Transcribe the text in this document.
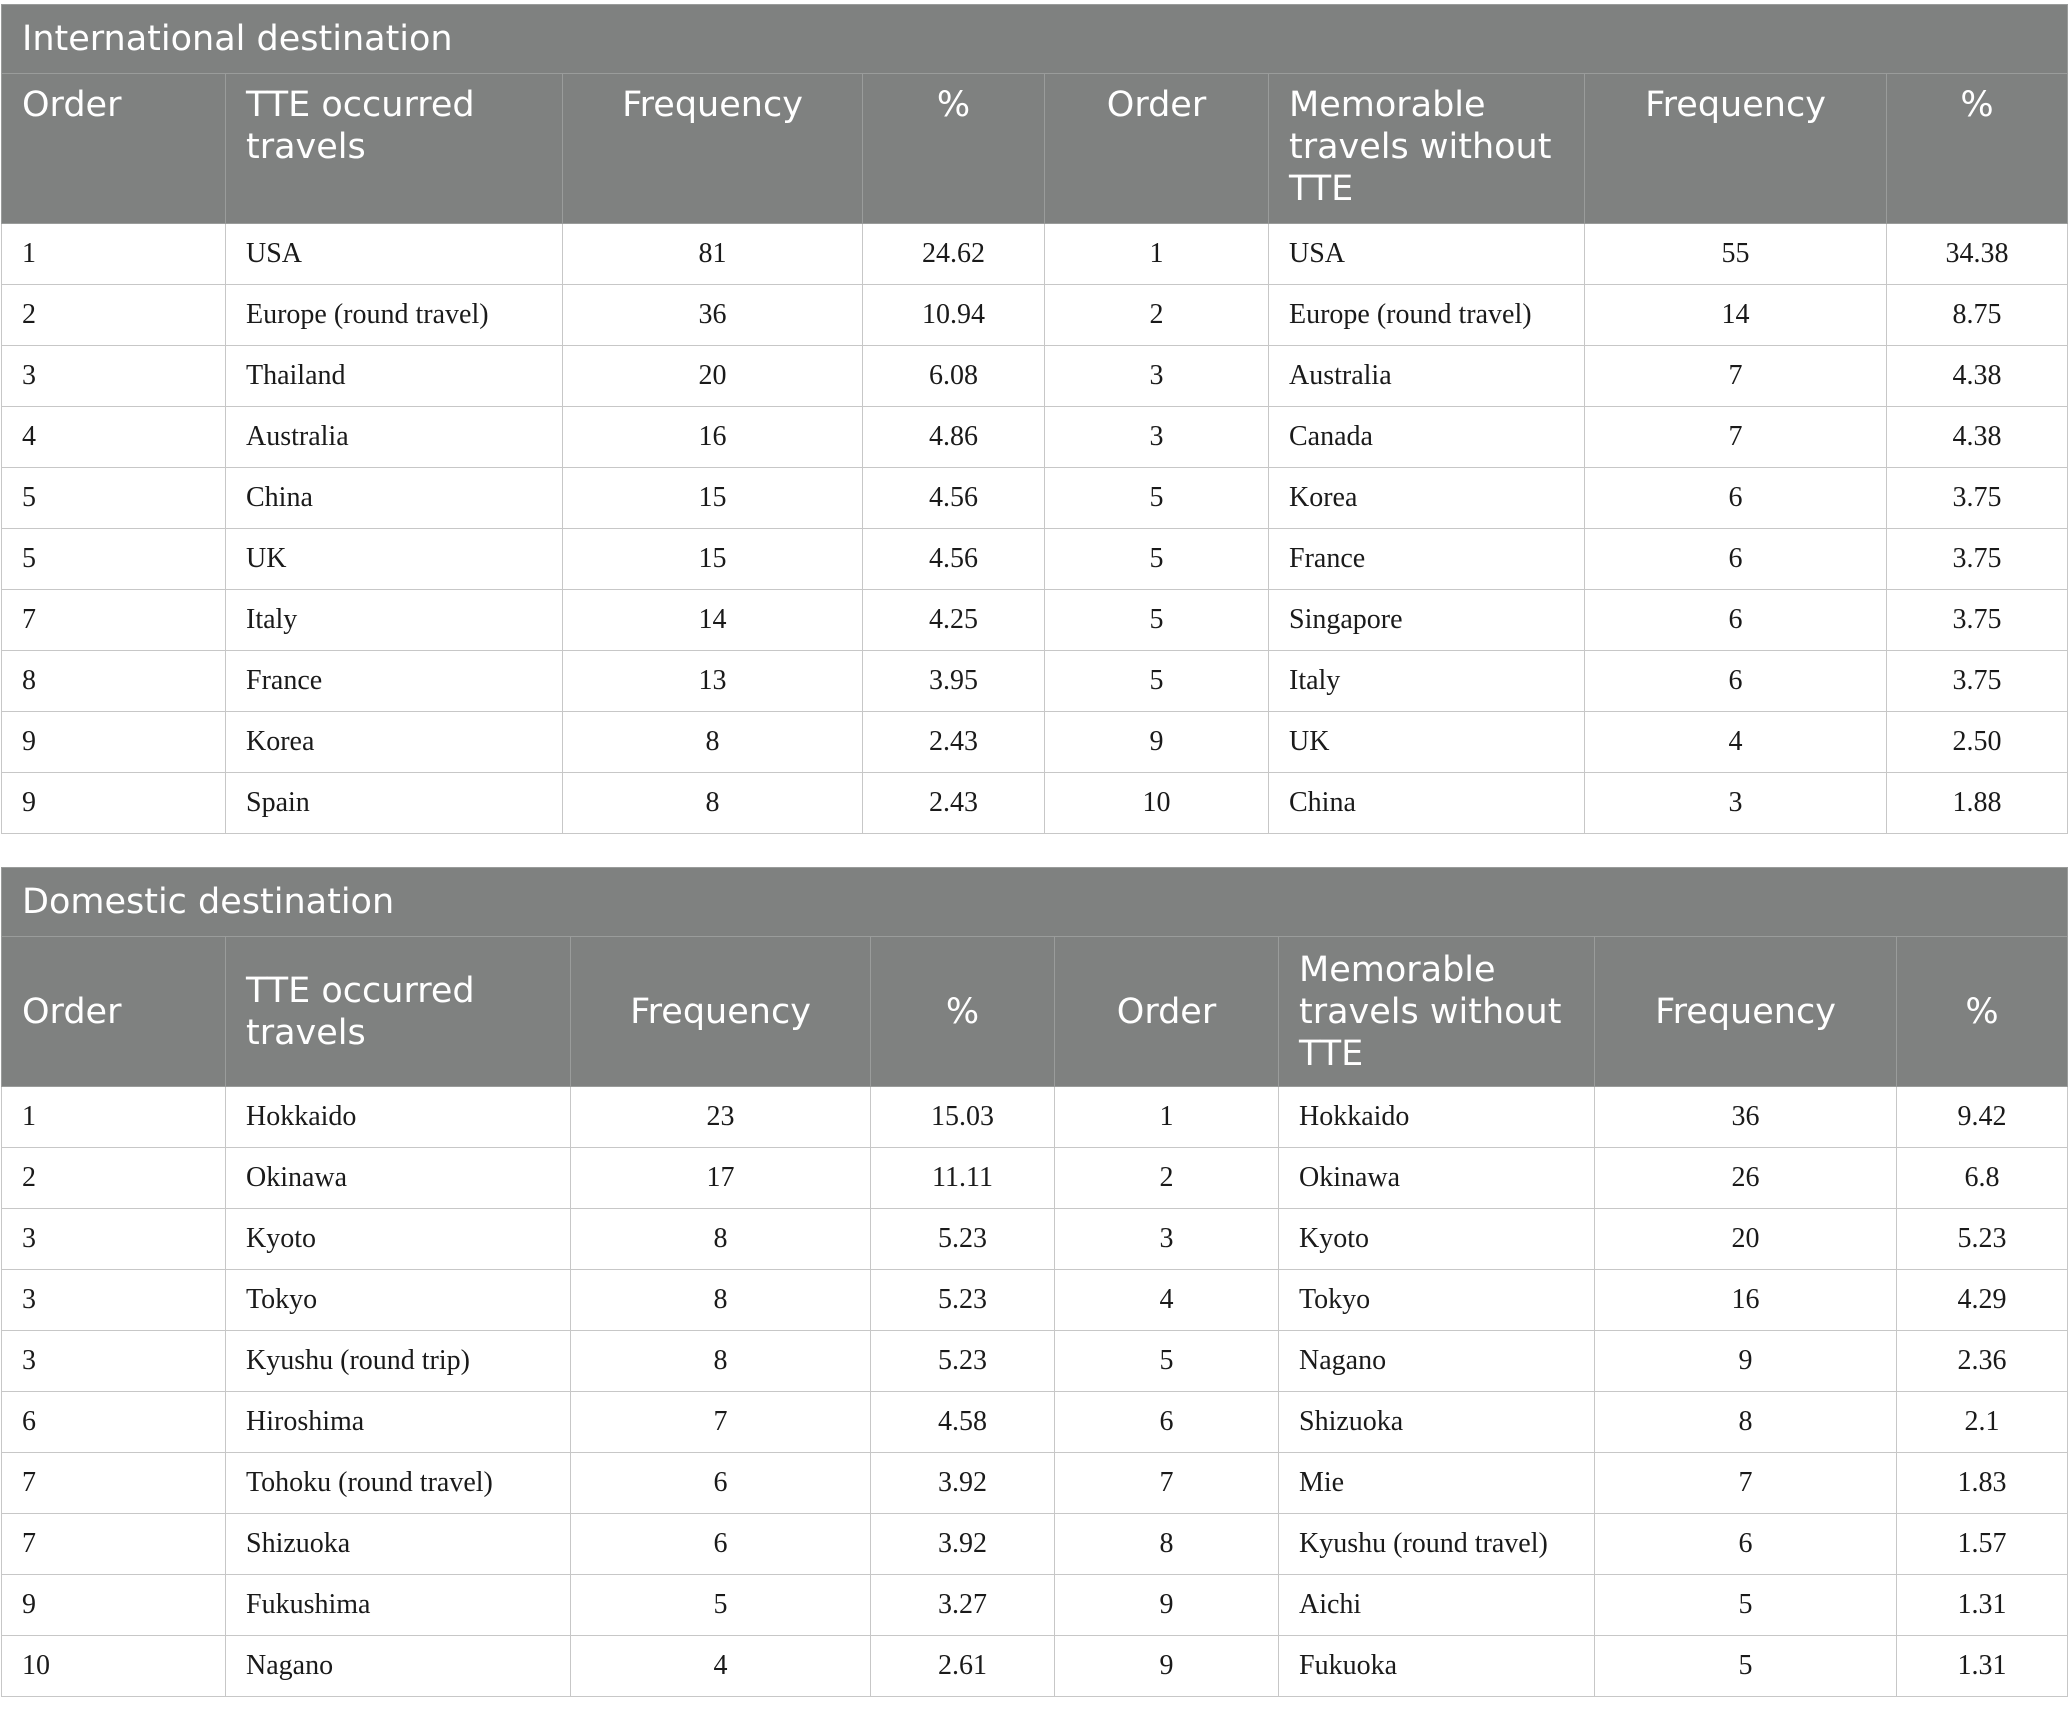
International destination							
Order	TTE occurred travels	Frequency	%	Order	Memorable travels without TTE	Frequency	%
1	USA	81	24.62	1	USA	55	34.38
2	Europe (round travel)	36	10.94	2	Europe (round travel)	14	8.75
3	Thailand	20	6.08	3	Australia	7	4.38
4	Australia	16	4.86	3	Canada	7	4.38
5	China	15	4.56	5	Korea	6	3.75
5	UK	15	4.56	5	France	6	3.75
7	Italy	14	4.25	5	Singapore	6	3.75
8	France	13	3.95	5	Italy	6	3.75
9	Korea	8	2.43	9	UK	4	2.50
9	Spain	8	2.43	10	China	3	1.88
Domestic destination							
Order	TTE occurred travels	Frequency	%	Order	Memorable travels without TTE	Frequency	%
1	Hokkaido	23	15.03	1	Hokkaido	36	9.42
2	Okinawa	17	11.11	2	Okinawa	26	6.8
3	Kyoto	8	5.23	3	Kyoto	20	5.23
3	Tokyo	8	5.23	4	Tokyo	16	4.29
3	Kyushu (round trip)	8	5.23	5	Nagano	9	2.36
6	Hiroshima	7	4.58	6	Shizuoka	8	2.1
7	Tohoku (round travel)	6	3.92	7	Mie	7	1.83
7	Shizuoka	6	3.92	8	Kyushu (round travel)	6	1.57
9	Fukushima	5	3.27	9	Aichi	5	1.31
10	Nagano	4	2.61	9	Fukuoka	5	1.31
